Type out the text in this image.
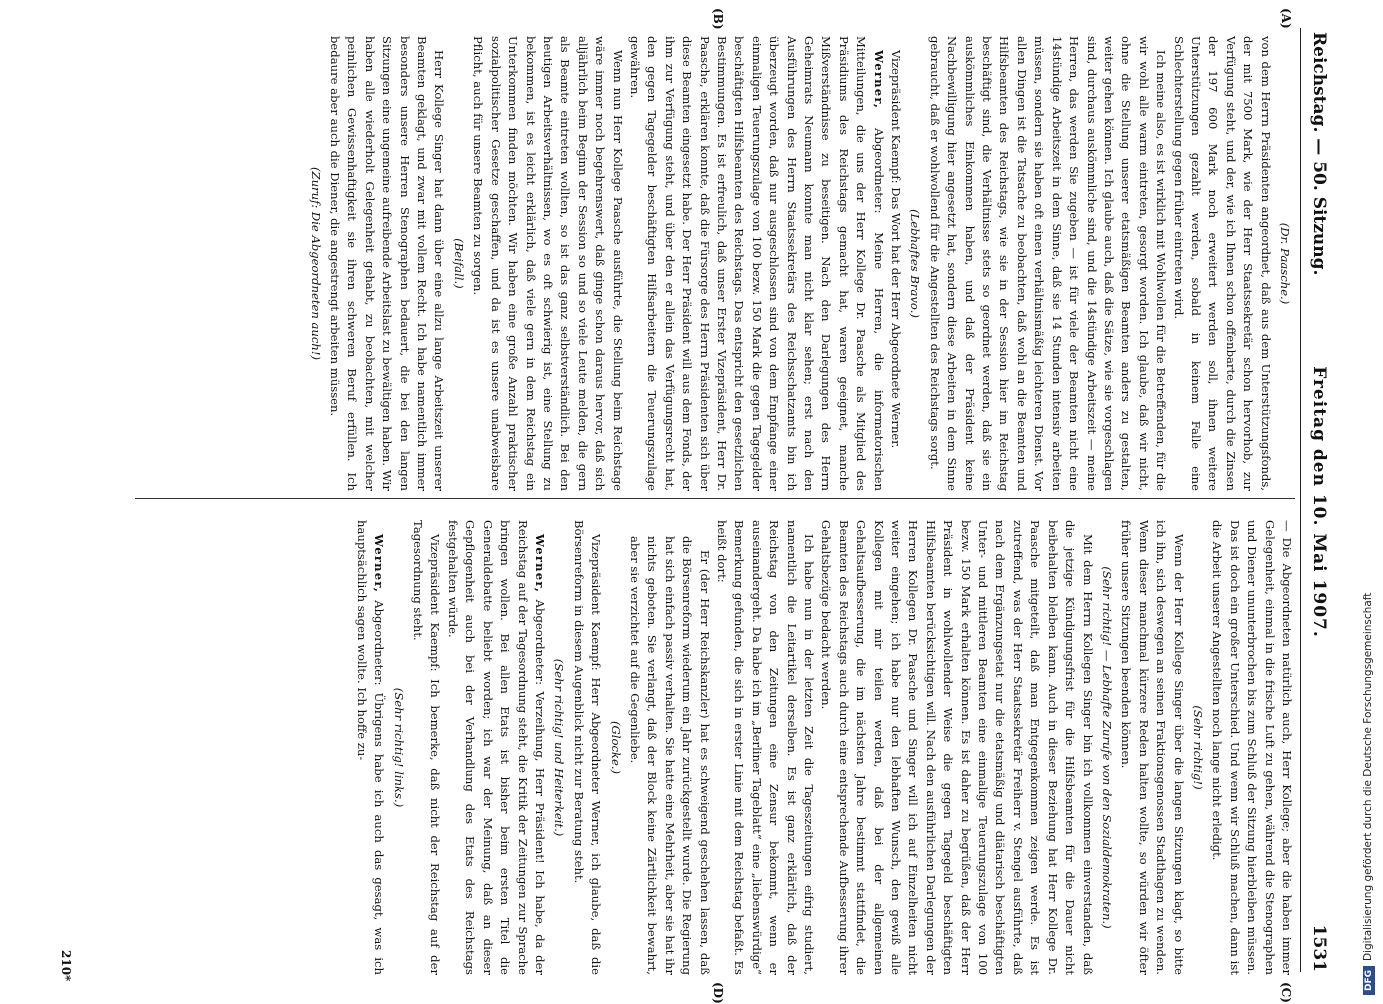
Reichstag. — 50. Sitzung.
Freitag den 10. Mai 1907.
1531
(A)
(B)
(C)
(D)

(Dr. Paasche.)

von dem Herrn Präsidenten angeordnet, daß aus dem Unterstützungsfonds, der mit 7500 Mark, wie der Herr Staatssekretär schon hervorhob, zur Verfügung steht, und der, wie ich Ihnen schon offenbarte, durch die Zinsen der 197 600 Mark noch erweitert werden soll, ihnen weitere Unterstützungen gezahlt werden, sobald in keinem Falle eine Schlechterstellung gegen früher eintreten wird.

Ich meine also, es ist wirklich mit Wohlwollen für die Betreffenden, für die wir wohl alle warm eintreten, gesorgt worden. Ich glaube, daß wir nicht, ohne die Stellung unserer etatsmäßigen Beamten anders zu gestalten, weiter gehen können. Ich glaube auch, daß die Sätze, wie sie vorgeschlagen sind, durchaus auskömmliche sind, und die 14stündige Arbeitszeit — meine Herren, das werden Sie zugeben — ist für viele der Beamten nicht eine 14stündige Arbeitszeit in dem Sinne, daß sie 14 Stunden intensiv arbeiten müssen, sondern sie haben oft einen verhältnismäßig leichteren Dienst. Vor allen Dingen ist die Tatsache zu beobachten, daß wohl an die Beamten und Hilfsbeamten des Reichstags, wie sie in der Session hier im Reichstag beschäftigt sind, die Verhältnisse stets so geordnet werden, daß sie ein auskömmliches Einkommen haben, und daß der Präsident keine Nachbewilligung hier angesetzt hat, sondern diese Arbeiten in dem Sinne gebraucht, daß er wohlwollend für die Angestellten des Reichstags sorgt.

(Lebhaftes Bravo.)

Vizepräsident Kaempf: Das Wort hat der Herr Abgeordnete Werner.

Werner, Abgeordneter: Meine Herren, die informatorischen Mitteilungen, die uns der Herr Kollege Dr. Paasche als Mitglied des Präsidiums des Reichstags gemacht hat, waren geeignet, manche Mißverständnisse zu beseitigen. Nach den Darlegungen des Herrn Geheimrats Neumann konnte man nicht klar sehen; erst nach den Ausführungen des Herrn Staatssekretärs des Reichsschatzamts bin ich überzeugt worden, daß nur ausgeschlossen sind von dem Empfange einer einmaligen Teuerungszulage von 100 bezw. 150 Mark die gegen Tagegelder beschäftigten Hilfsbeamten des Reichstags. Das entspricht den gesetzlichen Bestimmungen. Es ist erfreulich, daß unser Erster Vizepräsident, Herr Dr. Paasche, erklären konnte, daß die Fürsorge des Herrn Präsidenten sich über diese Beamten eingesetzt habe. Der Herr Präsident will aus dem Fonds, der ihm zur Verfügung steht, und über den er allein das Verfügungsrecht hat, den gegen Tagegelder beschäftigten Hilfsarbeitern die Teuerungszulage gewähren.

Wenn nun Herr Kollege Paasche ausführte, die Stellung beim Reichstage wäre immer noch begehrenswert, daß ginge schon daraus hervor, daß sich alljährlich beim Beginn der Session so und so viele Leute melden, die gern als Beamte eintreten wollten, so ist das ganz selbstverständlich. Bei den heutigen Arbeitsverhältnissen, wo es oft schwierig ist, eine Stellung zu bekommen, ist es leicht erklärlich, daß viele gern in dem Reichstag ein Unterkommen finden möchten. Wir haben eine große Anzahl praktischer sozialpolitischer Gesetze geschaffen, und da ist es unsere unabweisbare Pflicht, auch für unsere Beamten zu sorgen.

(Beifall.)

Herr Kollege Singer hat dann über eine allzu lange Arbeitszeit unserer Beamten geklagt, und zwar mit vollem Recht. Ich habe namentlich immer besonders unsere Herren Stenographen bedauert, die bei den langen Sitzungen eine ungemeine aufreibende Arbeitslast zu bewältigen haben. Wir haben alle wiederholt Gelegenheit gehabt, zu beobachten, mit welcher peinlichen Gewissenhaftigkeit sie ihren schweren Beruf erfüllen. Ich bedaure aber auch die Diener, die angestrengt arbeiten müssen.

(Zuruf: Die Abgeordneten auch!)

— Die Abgeordneten natürlich auch, Herr Kollege; aber die haben immer Gelegenheit, einmal in die frische Luft zu gehen, während die Stenographen und Diener ununterbrochen bis zum Schluß der Sitzung hierbleiben müssen. Das ist doch ein großer Unterschied. Und wenn wir Schluß machen, dann ist die Arbeit unserer Angestellten noch lange nicht erledigt.

(Sehr richtig!)

Wenn der Herr Kollege Singer über die langen Sitzungen klagt, so bitte ich ihn, sich deswegen an seinen Fraktionsgenossen Stadthagen zu wenden. Wenn dieser manchmal kürzere Reden halten wollte, so würden wir öfter früher unsere Sitzungen beenden können.

(Sehr richtig! — Lebhafte Zurufe von den Sozialdemokraten.)

Mit dem Herrn Kollegen Singer bin ich vollkommen einverstanden, daß die jetzige Kündigungsfrist für die Hilfsbeamten für die Dauer nicht beibehalten bleiben kann. Auch in dieser Beziehung hat Herr Kollege Dr. Paasche mitgeteilt, daß man Entgegenkommen zeigen werde. Es ist zutreffend, was der Herr Staatssekretär Freiherr v. Stengel ausführte, daß nach dem Ergänzungsetat nur die etatsmäßig und diätarisch beschäftigten Unter- und mittleren Beamten eine einmalige Teuerungszulage von 100 bezw. 150 Mark erhalten können. Es ist daher zu begrüßen, daß der Herr Präsident in wohlwollender Weise die gegen Tagegeld beschäftigten Hilfsbeamten berücksichtigen will. Nach den ausführlichen Darlegungen der Herren Kollegen Dr. Paasche und Singer will ich auf Einzelheiten nicht weiter eingehen; ich habe nur den lebhaften Wunsch, den gewiß alle Kollegen mit mir teilen werden, daß bei der allgemeinen Gehaltsaufbesserung, die im nächsten Jahre bestimmt stattfindet, die Beamten des Reichstags auch durch eine entsprechende Aufbesserung ihrer Gehaltsbezüge bedacht werden.

Ich habe nun in der letzten Zeit die Tageszeitungen eifrig studiert, namentlich die Leitartikel derselben. Es ist ganz erklärlich, daß der Reichstag von den Zeitungen eine Zensur bekommt, wenn er auseinandergeht. Da habe ich im „Berliner Tageblatt“ eine „liebenswürdige“ Bemerkung gefunden, die sich in erster Linie mit dem Reichstag befaßt. Es heißt dort:

Er (der Herr Reichskanzler) hat es schweigend geschehen lassen, daß die Börsenreform wiederum ein Jahr zurückgestellt wurde. Die Regierung hat sich einfach passiv verhalten. Sie hatte eine Mehrheit, aber sie hat ihr nichts geboten. Sie verlangt, daß der Block keine Zärtlichkeit bewahrt, aber sie verzichtet auf die Gegenliebe.

(Glocke.)

Vizepräsident Kaempf: Herr Abgeordneter Werner, ich glaube, daß die Börsenreform in diesem Augenblick nicht zur Beratung steht.

(Sehr richtig! und Heiterkeit.)

Werner, Abgeordneter: Verzeihung, Herr Präsident! Ich habe, da der Reichstag auf der Tagesordnung steht, die Kritik der Zeitungen zur Sprache bringen wollen. Bei allen Etats ist bisher beim ersten Titel die Generaldebatte beliebt worden; ich war der Meinung, daß an dieser Gepflogenheit auch bei der Verhandlung des Etats des Reichstags festgehalten würde.

Vizepräsident Kaempf: Ich bemerke, daß nicht der Reichstag auf der Tagesordnung steht.

(Sehr richtig! links.)

Werner, Abgeordneter: Übrigens habe ich auch das gesagt, was ich hauptsächlich sagen wollte. Ich hoffe zu-

210*	DFGDigitalisierung gefördert durch die Deutsche Forschungsgemeinschaft
